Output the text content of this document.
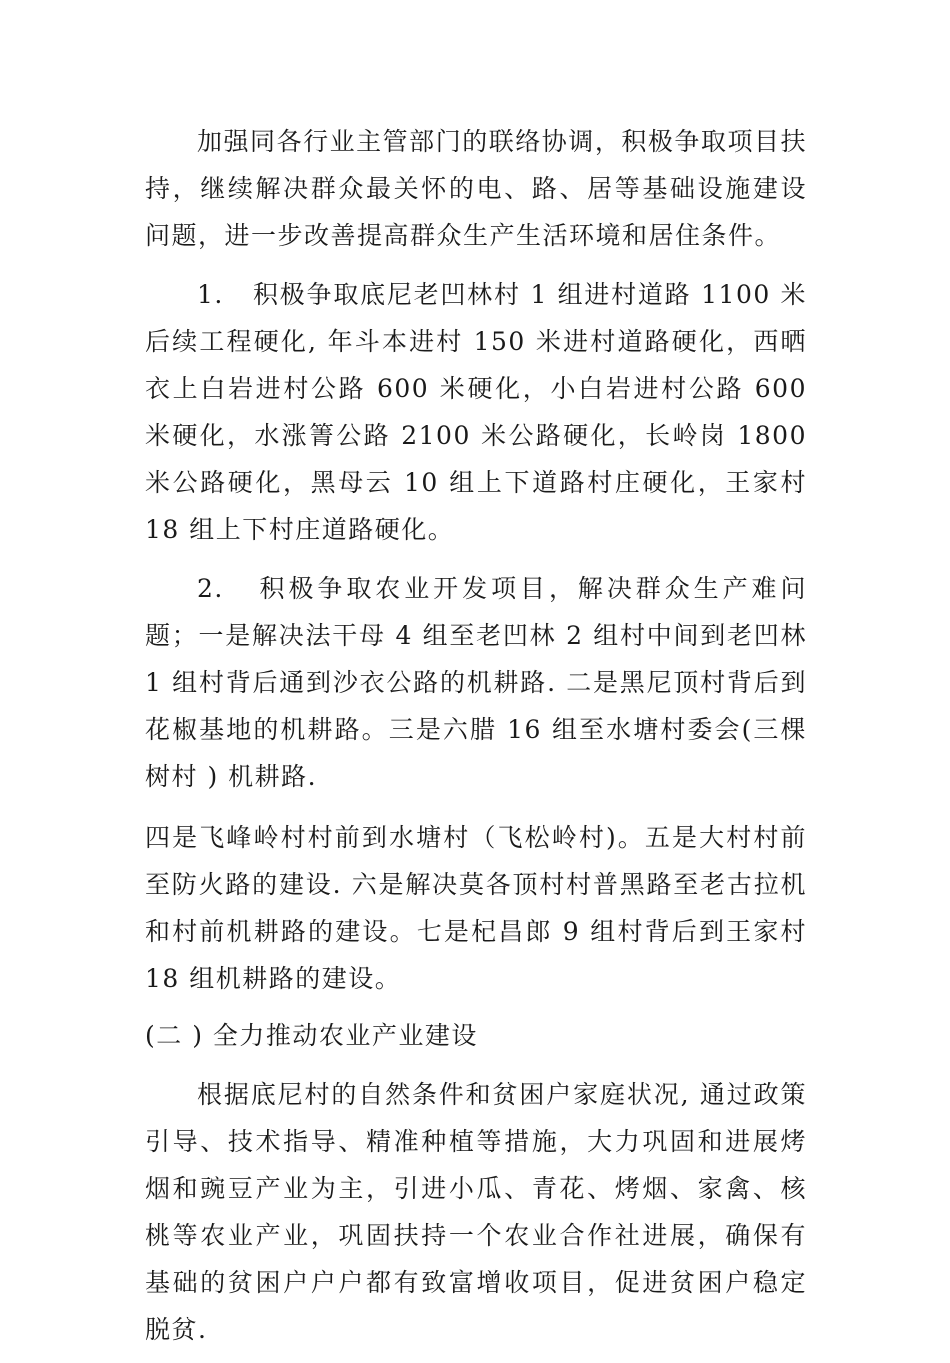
加强同各行业主管部门的联络协调，积极争取项目扶持，继续解决群众最关怀的电、路、居等基础设施建设问题，进一步改善提高群众生产生活环境和居住条件。

1. 积极争取底尼老凹林村 1 组进村道路 1100 米后续工程硬化, 年斗本进村 150 米进村道路硬化，西晒衣上白岩进村公路 600 米硬化，小白岩进村公路 600 米硬化，水涨箐公路 2100 米公路硬化，长岭岗 1800 米公路硬化，黑母云 10 组上下道路村庄硬化，王家村 18 组上下村庄道路硬化。

2. 积极争取农业开发项目，解决群众生产难问题；一是解决法干母 4 组至老凹林 2 组村中间到老凹林 1 组村背后通到沙衣公路的机耕路. 二是黑尼顶村背后到花椒基地的机耕路。三是六腊 16 组至水塘村委会(三棵树村 ) 机耕路.

四是飞峰岭村村前到水塘村（飞松岭村)。五是大村村前至防火路的建设. 六是解决莫各顶村村普黑路至老古拉机和村前机耕路的建设。七是杞昌郎 9 组村背后到王家村 18 组机耕路的建设。

(二 ) 全力推动农业产业建设

根据底尼村的自然条件和贫困户家庭状况, 通过政策引导、技术指导、精准种植等措施，大力巩固和进展烤烟和豌豆产业为主，引进小瓜、青花、烤烟、家禽、核桃等农业产业，巩固扶持一个农业合作社进展，确保有基础的贫困户户户都有致富增收项目，促进贫困户稳定脱贫.
